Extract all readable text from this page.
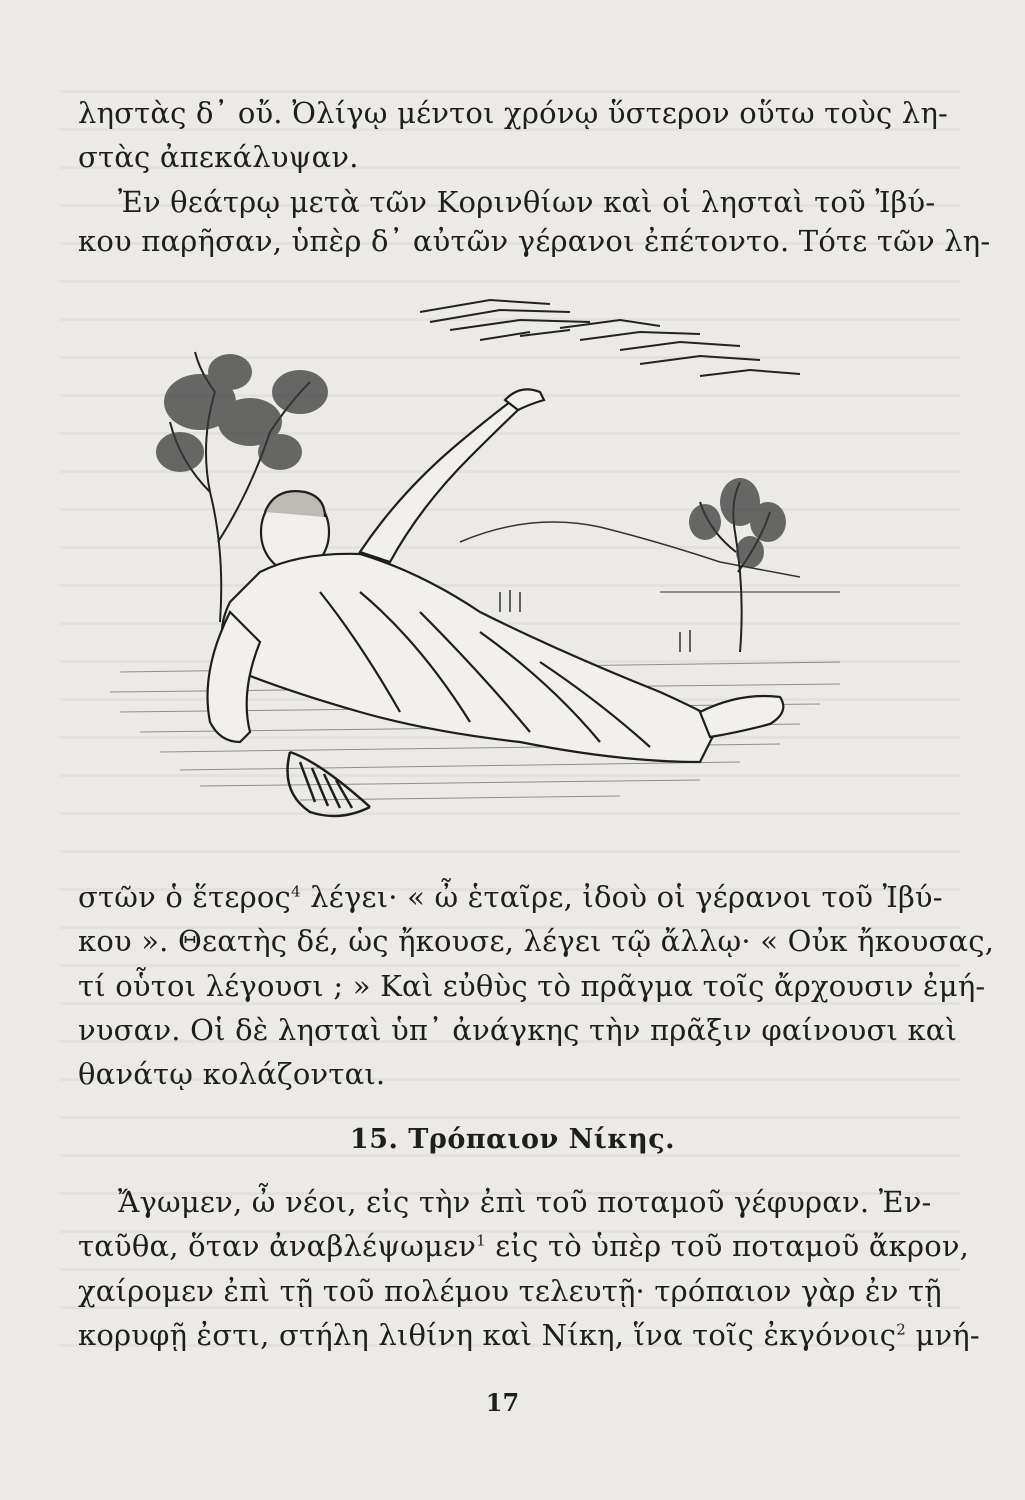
ληστὰς δ᾽ οὔ. Ὀλίγῳ μέντοι χρόνῳ ὕστερον οὕτω τοὺς λη-
στὰς ἀπεκάλυψαν.
Ἐν θεάτρῳ μετὰ τῶν Κορινθίων καὶ οἱ λησταὶ τοῦ Ἰβύ-
κου παρῆσαν, ὑπὲρ δ᾽ αὐτῶν γέρανοι ἐπέτοντο. Τότε τῶν λη-
στῶν ὁ ἕτερος$^4$ λέγει· « ὦ ἑταῖρε, ἰδοὺ οἱ γέρανοι τοῦ Ἰβύ-
κου ». Θεατὴς δέ, ὡς ἤκουσε, λέγει τῷ ἄλλῳ· « Οὐκ ἤκουσας,
τί οὗτοι λέγουσι ; » Καὶ εὐθὺς τὸ πρᾶγμα τοῖς ἄρχουσιν ἐμή-
νυσαν. Οἱ δὲ λησταὶ ὑπ᾽ ἀνάγκης τὴν πρᾶξιν φαίνουσι καὶ
θανάτῳ κολάζονται.
15. Τρόπαιον Νίκης.
Ἄγωμεν, ὦ νέοι, εἰς τὴν ἐπὶ τοῦ ποταμοῦ γέφυραν. Ἐν-
ταῦθα, ὅταν ἀναβλέψωμεν$^1$ εἰς τὸ ὑπὲρ τοῦ ποταμοῦ ἄκρον,
χαίρομεν ἐπὶ τῇ τοῦ πολέμου τελευτῇ· τρόπαιον γὰρ ἐν τῇ
κορυφῇ ἐστι, στήλη λιθίνη καὶ Νίκη, ἵνα τοῖς ἐκγόνοις$^2$ μνή-
17
